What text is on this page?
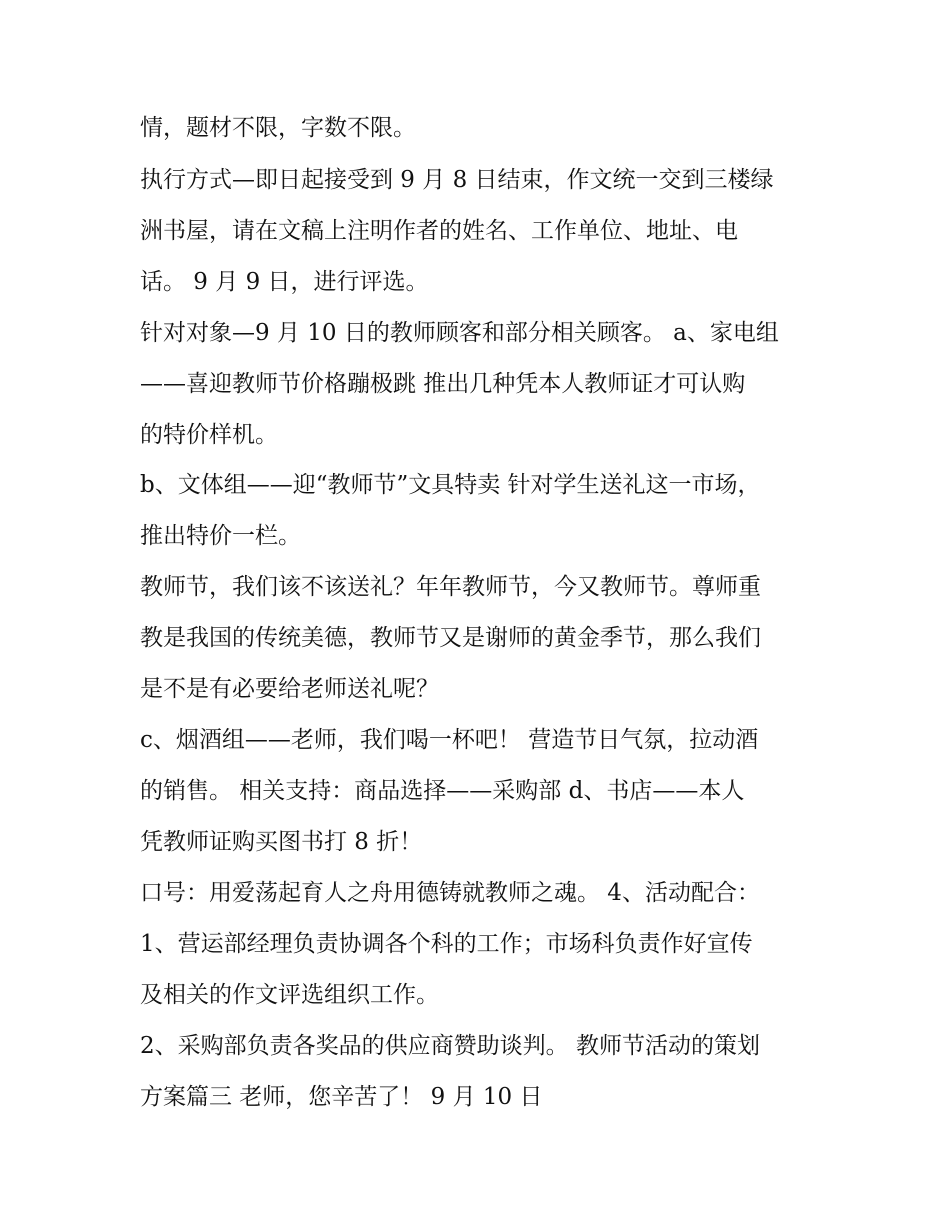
情，题材不限，字数不限。
执行方式—即日起接受到 9 月 8 日结束，作文统一交到三楼绿
洲书屋，请在文稿上注明作者的姓名、工作单位、地址、电
话。 9 月 9 日，进行评选。
针对对象—9 月 10 日的教师顾客和部分相关顾客。 a、家电组
——喜迎教师节价格蹦极跳 推出几种凭本人教师证才可认购
的特价样机。
b、文体组——迎“教师节”文具特卖 针对学生送礼这一市场，
推出特价一栏。
教师节，我们该不该送礼？年年教师节，今又教师节。尊师重
教是我国的传统美德，教师节又是谢师的黄金季节，那么我们
是不是有必要给老师送礼呢？
c、烟酒组——老师，我们喝一杯吧！ 营造节日气氛，拉动酒
的销售。 相关支持：商品选择——采购部 d、书店——本人
凭教师证购买图书打 8 折！
口号：用爱荡起育人之舟用德铸就教师之魂。 4、活动配合：
1、营运部经理负责协调各个科的工作；市场科负责作好宣传
及相关的作文评选组织工作。
2、采购部负责各奖品的供应商赞助谈判。 教师节活动的策划
方案篇三 老师，您辛苦了！ 9 月 10 日
